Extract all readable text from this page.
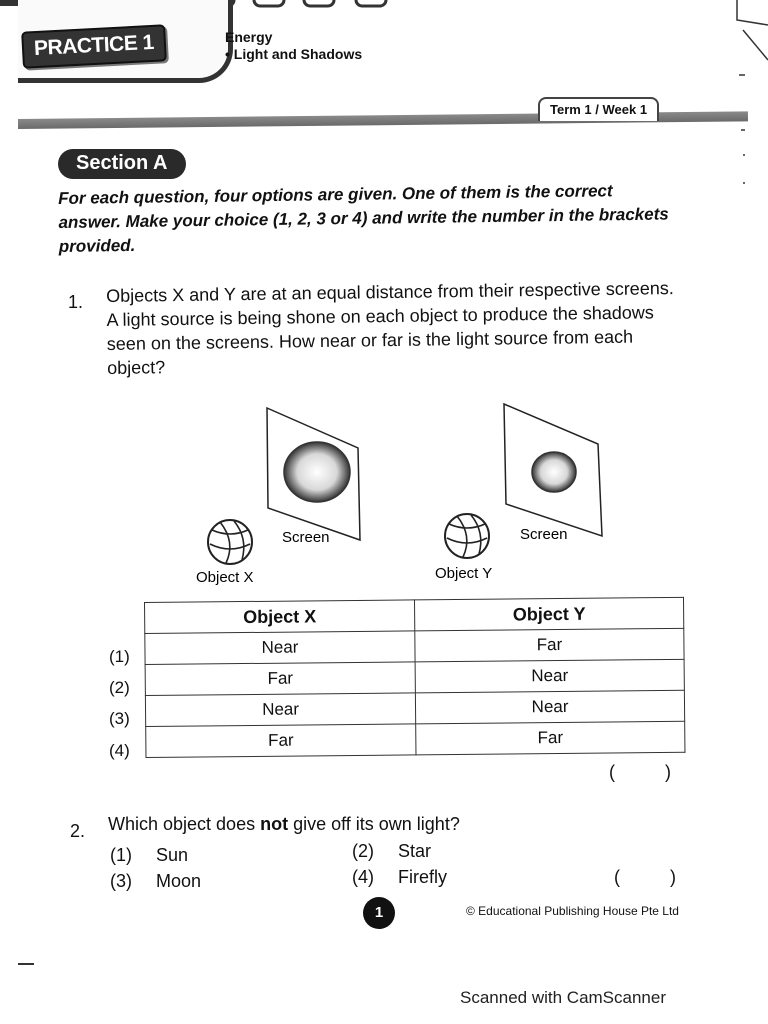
PRACTICE 1	Energy
• Light and Shadows
Term 1 / Week 1
Section A
For each question, four options are given. One of them is the correct answer. Make your choice (1, 2, 3 or 4) and write the number in the brackets provided.
1. Objects X and Y are at an equal distance from their respective screens. A light source is being shone on each object to produce the shadows seen on the screens. How near or far is the light source from each object?
Screen
Object X
Screen
Object Y
(1)
(2)
(3)
(4)
Object X	Object Y
Near	Far
Far	Near
Near	Near
Far	Far
(          )
2. Which object does not give off its own light?
(1) Sun	(2) Star
(3) Moon	(4) Firefly	(          )
1	© Educational Publishing House Pte Ltd
Scanned with CamScanner
